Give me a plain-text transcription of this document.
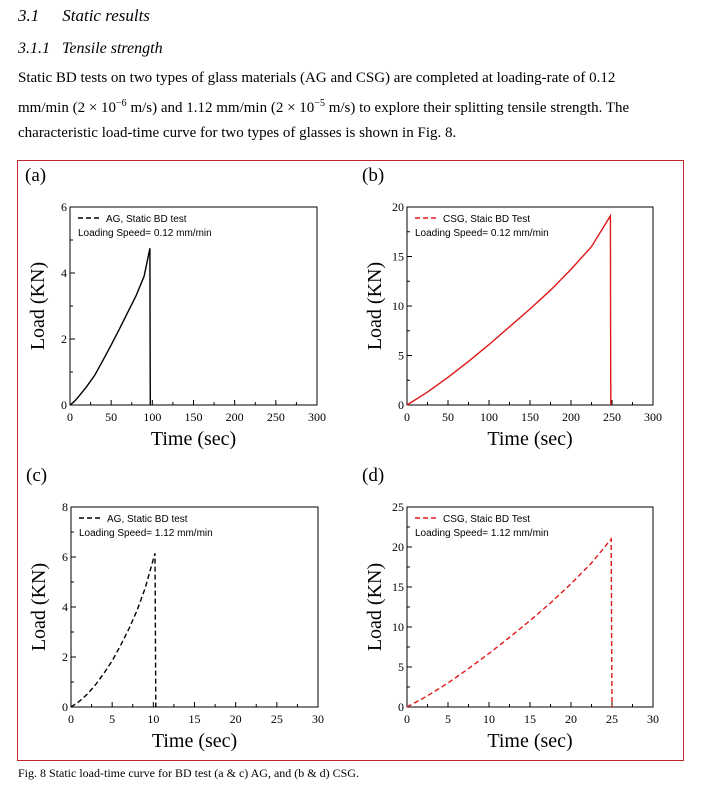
3.1 Static results
3.1.1 Tensile strength
Static BD tests on two types of glass materials (AG and CSG) are completed at loading-rate of 0.12
mm/min ($2 \times 10^{-6}$ m/s) and 1.12 mm/min ($2 \times 10^{-5}$ m/s) to explore their splitting tensile strength. The
characteristic load-time curve for two types of glasses is shown in Fig. 8.
(a)
0	50 100 150 200 250 300
0
2
4
6
Time (sec)
Load (KN)
AG, Static BD test
Loading Speed= 0.12 mm/min
(b)
0	50 100 150 200 250 300
0
5
10
15
20
Time (sec)
Load (KN)
CSG, Staic BD Test
Loading Speed= 0.12 mm/min
(c)
0	5	10 15 20 25 30
0
2
4
6
8
Time (sec)
Load (KN)
AG, Static BD test
Loading Speed= 1.12 mm/min
(d)
0	5	10 15 20 25 30
0
5
10
15
20
25
Time (sec)
Load (KN)
CSG, Staic BD Test
Loading Speed= 1.12 mm/min
Fig. 8 Static load-time curve for BD test (a & c) AG, and (b & d) CSG.
